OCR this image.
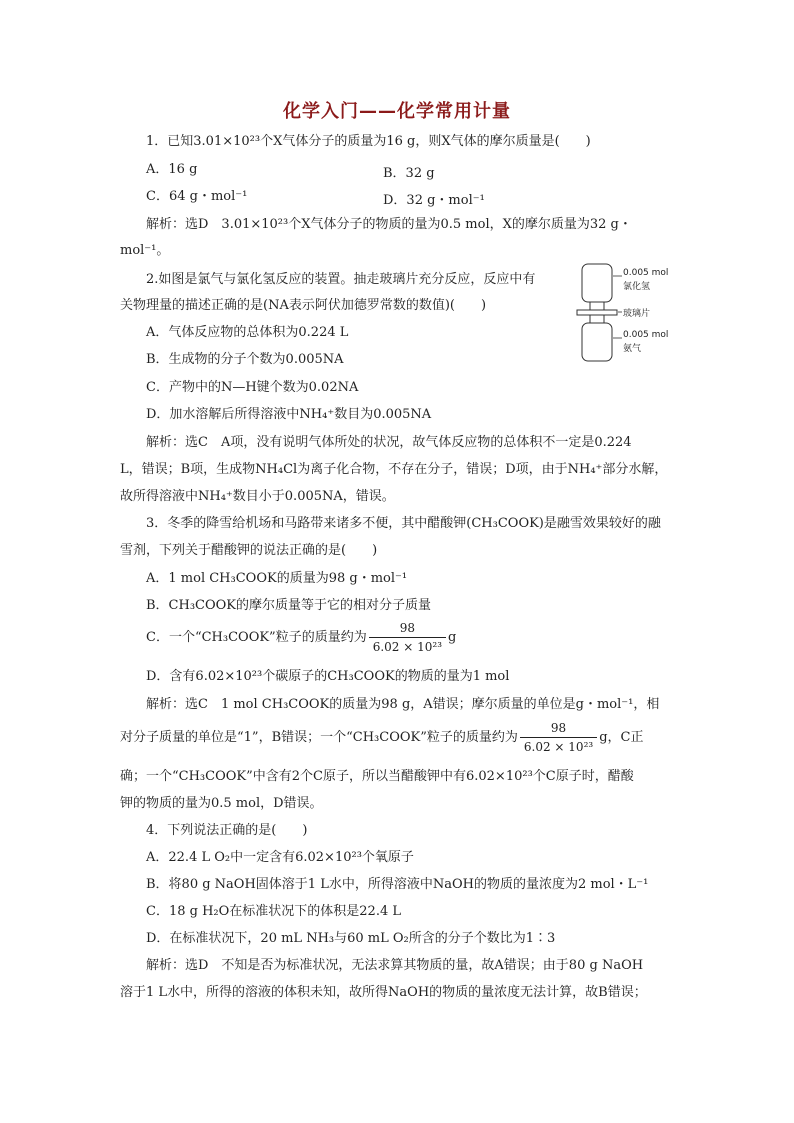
化学入门——化学常用计量
1．已知3.01×10²³个X气体分子的质量为16 g，则X气体的摩尔质量是(　　)
A．16 g	B．32 g
C．64 g・mol⁻¹	D．32 g・mol⁻¹
解析：选D　3.01×10²³个X气体分子的物质的量为0.5 mol，X的摩尔质量为32 g・
mol⁻¹。
2.如图是氯气与氯化氢反应的装置。抽走玻璃片充分反应，反应中有
关物理量的描述正确的是(NA表示阿伏加德罗常数的数值)(　　)
A．气体反应物的总体积为0.224 L
B．生成物的分子个数为0.005NA
C．产物中的N—H键个数为0.02NA
D．加水溶解后所得溶液中NH₄⁺数目为0.005NA
解析：选C　A项，没有说明气体所处的状况，故气体反应物的总体积不一定是0.224
L，错误；B项，生成物NH₄Cl为离子化合物，不存在分子，错误；D项，由于NH₄⁺部分水解，
故所得溶液中NH₄⁺数目小于0.005NA，错误。
0.005 mol
氯化氢
玻璃片
0.005 mol
氨气
3．冬季的降雪给机场和马路带来诸多不便，其中醋酸钾(CH₃COOK)是融雪效果较好的融
雪剂，下列关于醋酸钾的说法正确的是(　　)
A．1 mol CH₃COOK的质量为98 g・mol⁻¹
B．CH₃COOK的摩尔质量等于它的相对分子质量
C．一个“CH₃COOK”粒子的质量约为 $\frac{98}{\text{6.02 × 10²³}}$ g
D．含有6.02×10²³个碳原子的CH₃COOK的物质的量为1 mol
解析：选C　1 mol CH₃COOK的质量为98 g，A错误；摩尔质量的单位是g・mol⁻¹，相
对分子质量的单位是“1”，B错误；一个“CH₃COOK”粒子的质量约为 $\frac{98}{\text{6.02 × 10²³}}$ g，C正
确；一个“CH₃COOK”中含有2个C原子，所以当醋酸钾中有6.02×10²³个C原子时，醋酸
钾的物质的量为0.5 mol，D错误。
4．下列说法正确的是(　　)
A．22.4 L O₂中一定含有6.02×10²³个氧原子
B．将80 g NaOH固体溶于1 L水中，所得溶液中NaOH的物质的量浓度为2 mol・L⁻¹
C．18 g H₂O在标准状况下的体积是22.4 L
D．在标准状况下，20 mL NH₃与60 mL O₂所含的分子个数比为1∶3
解析：选D　不知是否为标准状况，无法求算其物质的量，故A错误；由于80 g NaOH
溶于1 L水中，所得的溶液的体积未知，故所得NaOH的物质的量浓度无法计算，故B错误；
